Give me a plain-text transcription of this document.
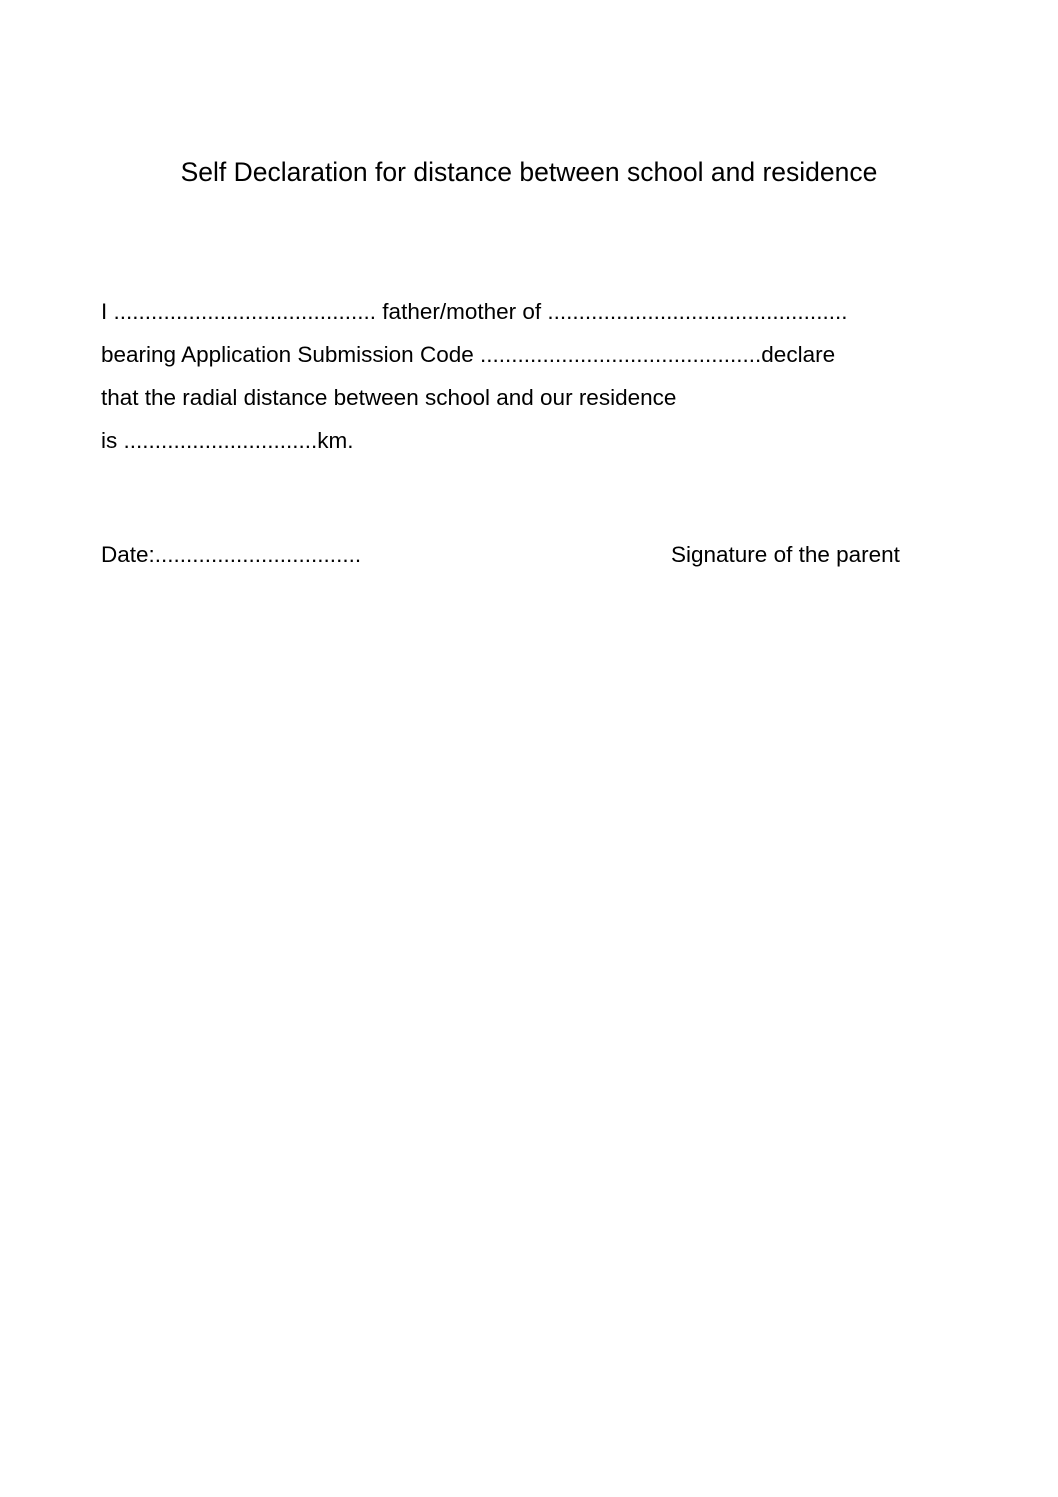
Self Declaration for distance between school and residence
I .......................................... father/mother of ................................................
bearing Application Submission Code .............................................declare
that the radial distance between school and our residence
is ...............................km.
Date:.................................	Signature of the parent
